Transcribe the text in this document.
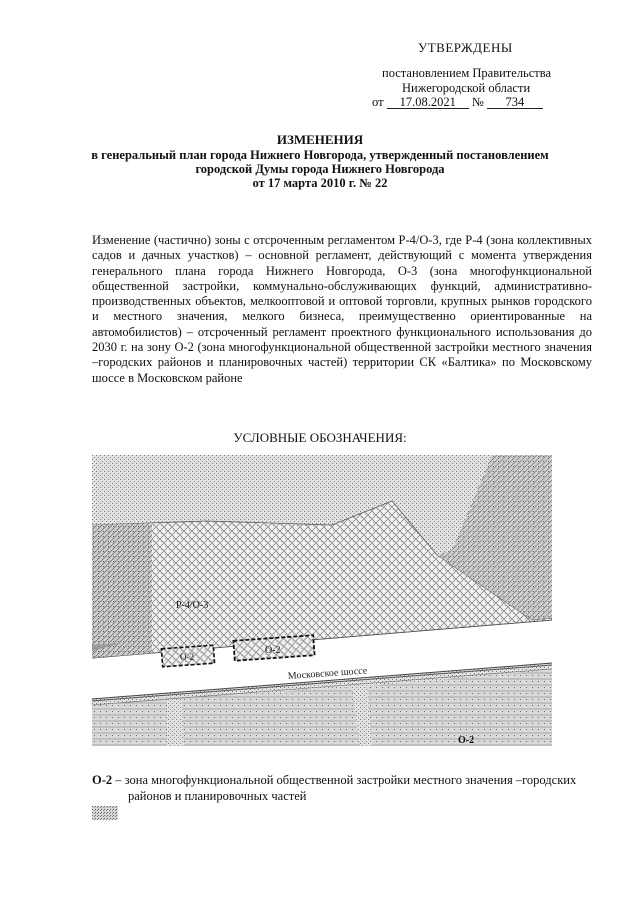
УТВЕРЖДЕНЫ
постановлением Правительства
Нижегородской области
от 17.08.2021 № 734
ИЗМЕНЕНИЯ
в генеральный план города Нижнего Новгорода, утвержденный постановлением
городской Думы города Нижнего Новгорода
от 17 марта 2010 г. № 22
Изменение (частично) зоны с отсроченным регламентом Р-4/О-3, где Р-4 (зона коллективных садов и дачных участков) – основной регламент, действующий с момента утверждения генерального плана города Нижнего Новгорода, О-3 (зона многофункциональной общественной застройки, коммунально-обслуживающих функций, административно-производственных объектов, мелкооптовой и оптовой торговли, крупных рынков городского и местного значения, мелкого бизнеса, преимущественно ориентированные на автомобилистов) – отсроченный регламент проектного функционального использования до 2030 г. на зону О-2 (зона многофункциональной общественной застройки местного значения –городских районов и планировочных частей) территории СК «Балтика» по Московскому шоссе в Московском районе
УСЛОВНЫЕ ОБОЗНАЧЕНИЯ:
Р-4/О-3
О-2
О-2
Московское шоссе
О-2
О-2 – зона многофункциональной общественной застройки местного значения –городских
районов и планировочных частей
